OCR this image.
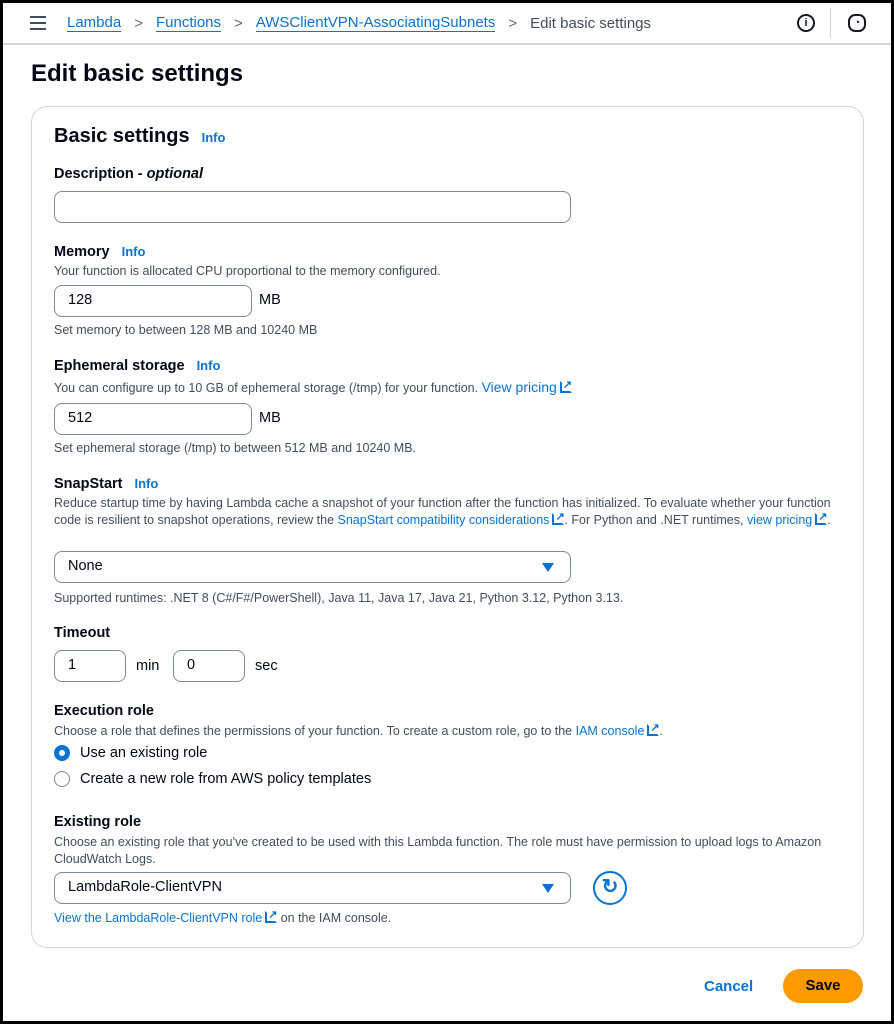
Lambda > Functions > AWSClientVPN-AssociatingSubnets > Edit basic settings	i	◔
Edit basic settings
Basic settings Info
Description - optional
Memory Info
Your function is allocated CPU proportional to the memory configured.
128	MB
Set memory to between 128 MB and 10240 MB
Ephemeral storage Info
You can configure up to 10 GB of ephemeral storage (/tmp) for your function. View pricing↗
512	MB
Set ephemeral storage (/tmp) to between 512 MB and 10240 MB.
SnapStart Info
Reduce startup time by having Lambda cache a snapshot of your function after the function has initialized. To evaluate whether your function code is resilient to snapshot operations, review the SnapStart compatibility considerations ↗ . For Python and .NET runtimes, view pricing ↗ .
None
Supported runtimes: .NET 8 (C#/F#/PowerShell), Java 11, Java 17, Java 21, Python 3.12, Python 3.13.
Timeout
1	min	0	sec
Execution role
Choose a role that defines the permissions of your function. To create a custom role, go to the IAM console ↗ .
Use an existing role
Create a new role from AWS policy templates
Existing role
Choose an existing role that you've created to be used with this Lambda function. The role must have permission to upload logs to Amazon CloudWatch Logs.
LambdaRole-ClientVPN	↻
View the LambdaRole-ClientVPN role↗ on the IAM console.
Cancel	Save
